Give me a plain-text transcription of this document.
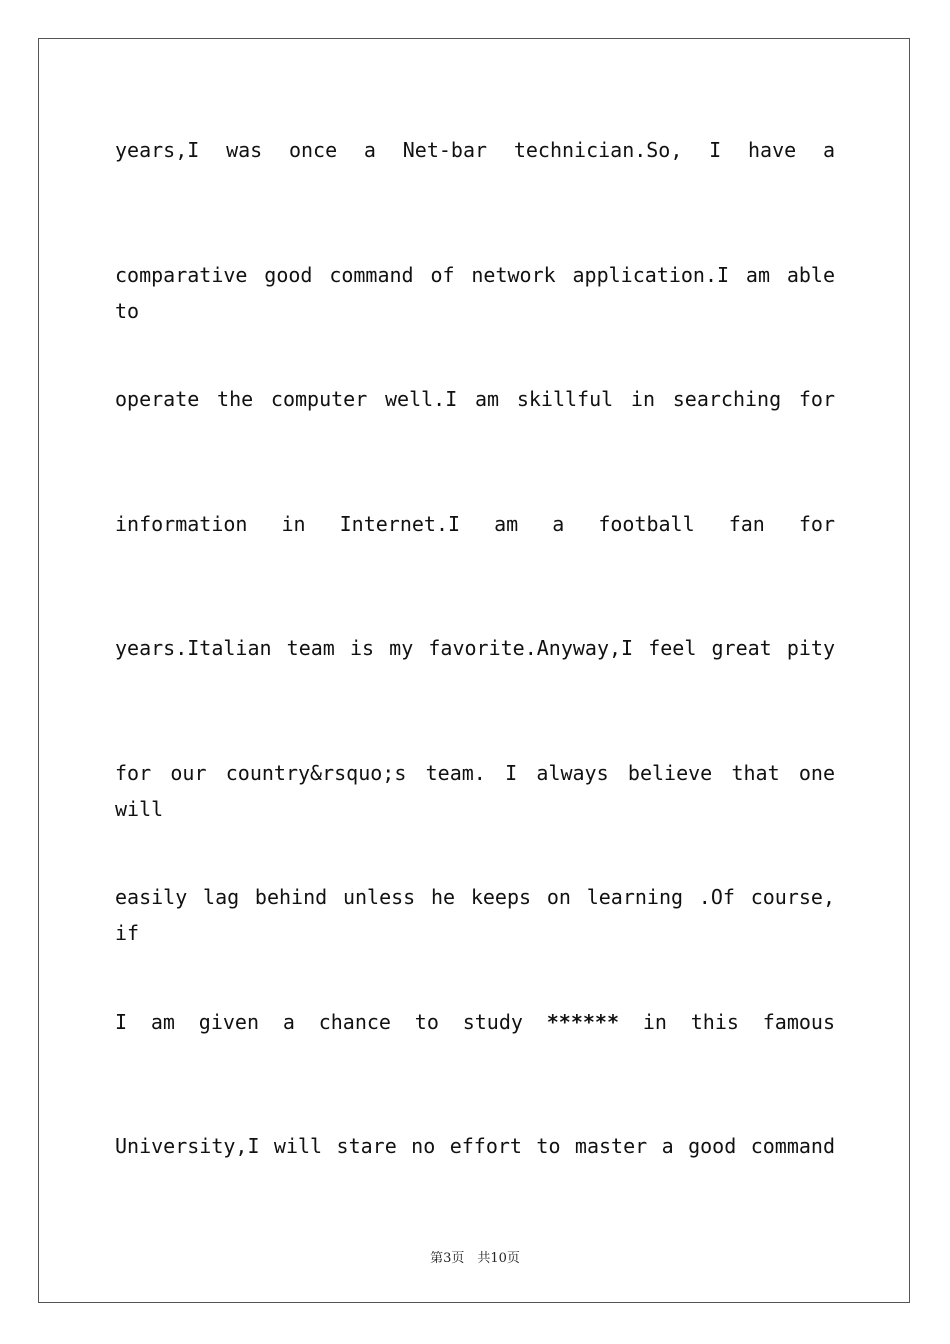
years,I was once a Net-bar technician.So, I have a
comparative good command of network application.I am able to
operate the computer well.I am skillful in searching for
information in Internet.I am a football fan for
years.Italian team is my favorite.Anyway,I feel great pity
for our country&rsquo;s team. I always believe that one will
easily lag behind unless he keeps on learning .Of course, if
I am given a chance to study ****** in this famous
University,I will stare no effort to master a good command
第3页　共10页
